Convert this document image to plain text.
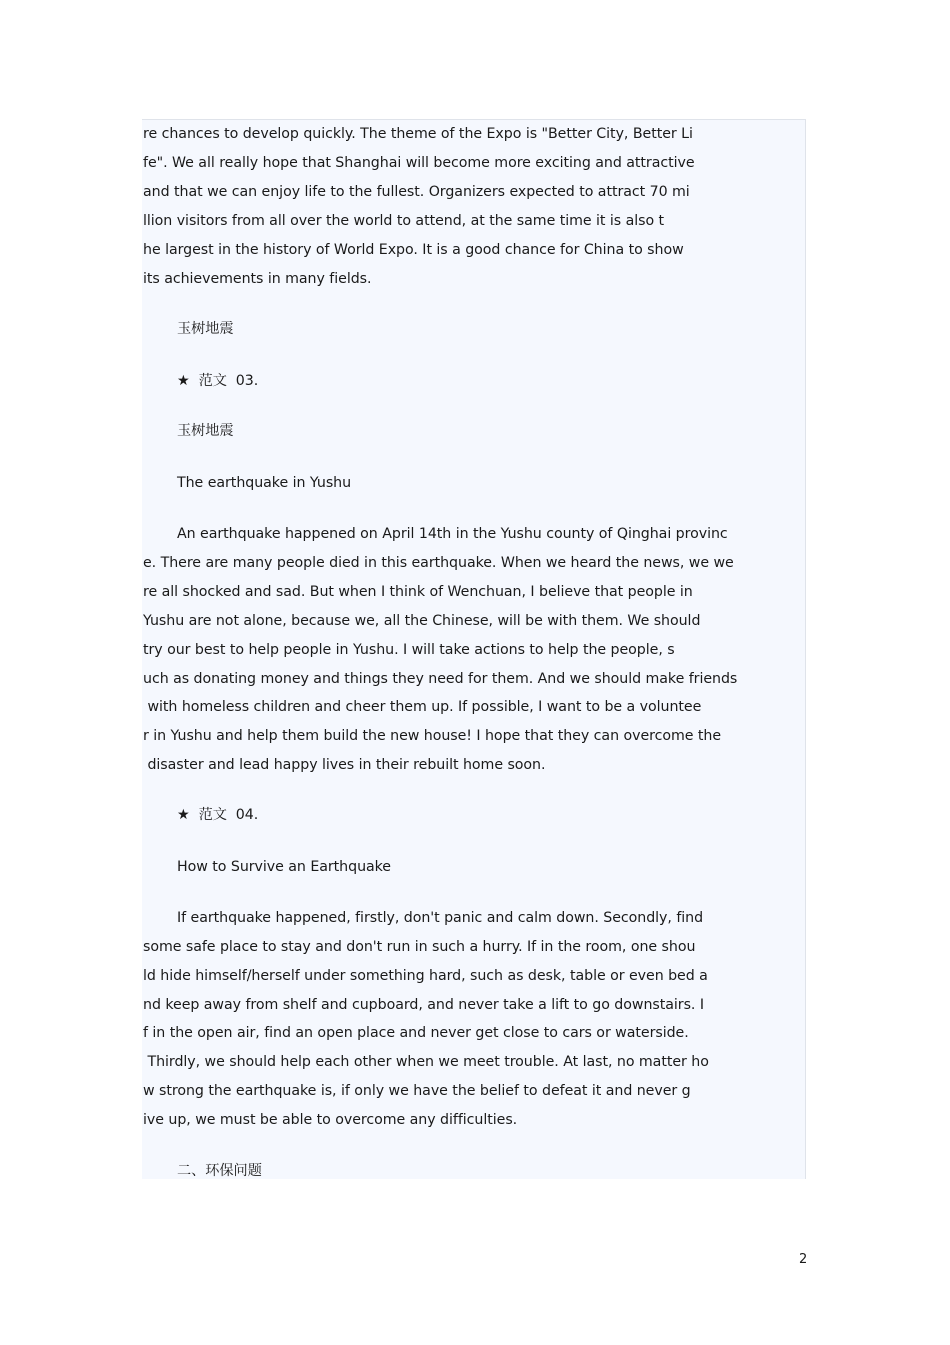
re chances to develop quickly. The theme of the Expo is "Better City, Better Li
fe". We all really hope that Shanghai will become more exciting and attractive
and that we can enjoy life to the fullest. Organizers expected to attract 70 mi
llion visitors from all over the world to attend, at the same time it is also t
he largest in the history of World Expo. It is a good chance for China to show
its achievements in many fields.
玉树地震
★  范文  03.
玉树地震
The earthquake in Yushu
An earthquake happened on April 14th in the Yushu county of Qinghai provinc
e. There are many people died in this earthquake. When we heard the news, we we
re all shocked and sad. But when I think of Wenchuan, I believe that people in
Yushu are not alone, because we, all the Chinese, will be with them. We should
try our best to help people in Yushu. I will take actions to help the people, s
uch as donating money and things they need for them. And we should make friends
with homeless children and cheer them up. If possible, I want to be a voluntee
r in Yushu and help them build the new house! I hope that they can overcome the
disaster and lead happy lives in their rebuilt home soon.
★  范文  04.
How to Survive an Earthquake
If earthquake happened, firstly, don't panic and calm down. Secondly, find
some safe place to stay and don't run in such a hurry. If in the room, one shou
ld hide himself/herself under something hard, such as desk, table or even bed a
nd keep away from shelf and cupboard, and never take a lift to go downstairs. I
f in the open air, find an open place and never get close to cars or waterside.
Thirdly, we should help each other when we meet trouble. At last, no matter ho
w strong the earthquake is, if only we have the belief to defeat it and never g
ive up, we must be able to overcome any difficulties.
二、环保问题
2
